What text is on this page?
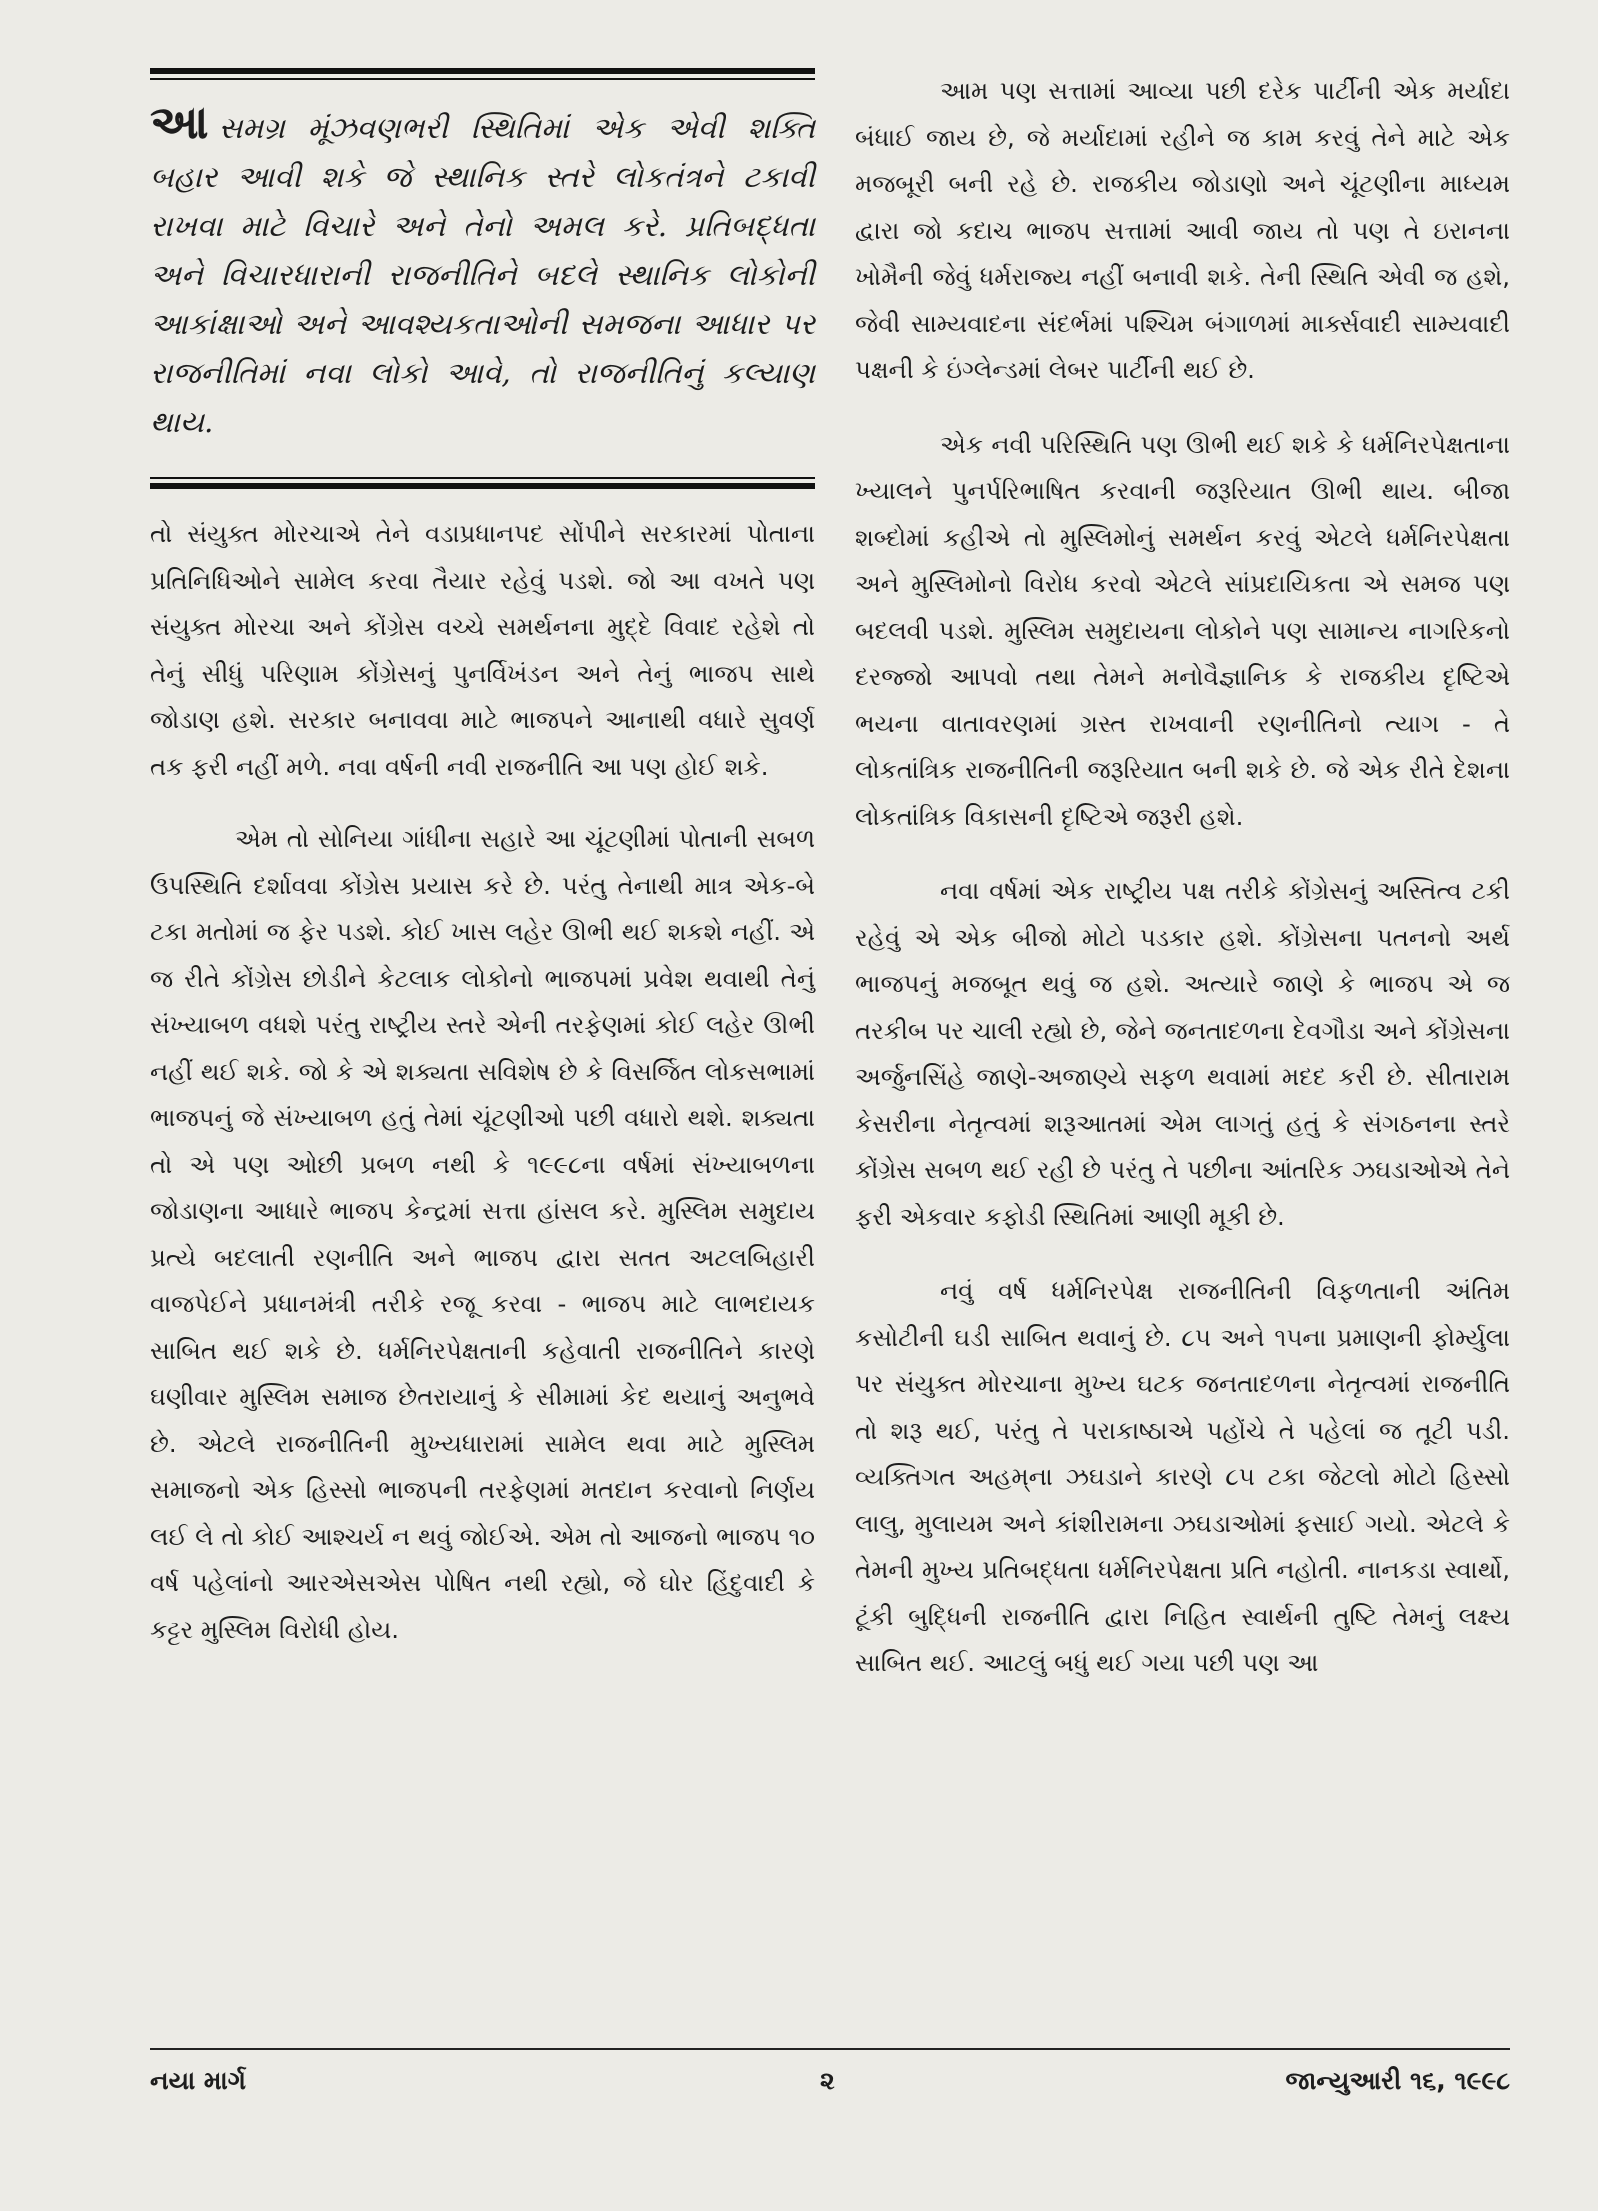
આસમગ્ર મૂંઝવણભરી સ્થિતિમાં એક એવી શક્તિ બહાર આવી શકે જે સ્થાનિક સ્તરે લોકતંત્રને ટકાવી રાખવા માટે વિચારે અને તેનો અમલ કરે. પ્રતિબદ્ધતા અને વિચારધારાની રાજનીતિને બદલે સ્થાનિક લોકોની આકાંક્ષાઓ અને આવશ્યકતાઓની સમજના આધાર પર રાજનીતિમાં નવા લોકો આવે, તો રાજનીતિનું કલ્યાણ થાય.

તો સંયુક્ત મોરચાએ તેને વડાપ્રધાનપદ સોંપીને સરકારમાં પોતાના પ્રતિનિધિઓને સામેલ કરવા તૈયાર રહેવું પડશે. જો આ વખતે પણ સંયુક્ત મોરચા અને કોંગ્રેસ વચ્ચે સમર્થનના મુદ્દે વિવાદ રહેશે તો તેનું સીધું પરિણામ કોંગ્રેસનું પુનર્વિખંડન અને તેનું ભાજપ સાથે જોડાણ હશે. સરકાર બનાવવા માટે ભાજપને આનાથી વધારે સુવર્ણ તક ફરી નહીં મળે. નવા વર્ષની નવી રાજનીતિ આ પણ હોઈ શકે.

એમ તો સોનિયા ગાંધીના સહારે આ ચૂંટણીમાં પોતાની સબળ ઉપસ્થિતિ દર્શાવવા કોંગ્રેસ પ્રયાસ કરે છે. પરંતુ તેનાથી માત્ર એક-બે ટકા મતોમાં જ ફેર પડશે. કોઈ ખાસ લહેર ઊભી થઈ શકશે નહીં. એ જ રીતે કોંગ્રેસ છોડીને કેટલાક લોકોનો ભાજપમાં પ્રવેશ થવાથી તેનું સંખ્યાબળ વધશે પરંતુ રાષ્ટ્રીય સ્તરે એની તરફેણમાં કોઈ લહેર ઊભી નહીં થઈ શકે. જો કે એ શક્યતા સવિશેષ છે કે વિસર્જિત લોકસભામાં ભાજપનું જે સંખ્યાબળ હતું તેમાં ચૂંટણીઓ પછી વધારો થશે. શક્યતા તો એ પણ ઓછી પ્રબળ નથી કે ૧૯૯૮ના વર્ષમાં સંખ્યાબળના જોડાણના આધારે ભાજપ કેન્દ્રમાં સત્તા હાંસલ કરે. મુસ્લિમ સમુદાય પ્રત્યે બદલાતી રણનીતિ અને ભાજપ દ્વારા સતત અટલબિહારી વાજપેઈને પ્રધાનમંત્રી તરીકે રજૂ કરવા - ભાજપ માટે લાભદાયક સાબિત થઈ શકે છે. ધર્મનિરપેક્ષતાની કહેવાતી રાજનીતિને કારણે ઘણીવાર મુસ્લિમ સમાજ છેતરાયાનું કે સીમામાં કેદ થયાનું અનુભવે છે. એટલે રાજનીતિની મુખ્યધારામાં સામેલ થવા માટે મુસ્લિમ સમાજનો એક હિસ્સો ભાજપની તરફેણમાં મતદાન કરવાનો નિર્ણય લઈ લે તો કોઈ આશ્ચર્ય ન થવું જોઈએ. એમ તો આજનો ભાજપ ૧૦ વર્ષ પહેલાંનો આરએસએસ પોષિત નથી રહ્યો, જે ઘોર હિંદુવાદી કે કટ્ટર મુસ્લિમ વિરોધી હોય.

આમ પણ સત્તામાં આવ્યા પછી દરેક પાર્ટીની એક મર્યાદા બંધાઈ જાય છે, જે મર્યાદામાં રહીને જ કામ કરવું તેને માટે એક મજબૂરી બની રહે છે. રાજકીય જોડાણો અને ચૂંટણીના માધ્યમ દ્વારા જો કદાચ ભાજપ સત્તામાં આવી જાય તો પણ તે ઇરાનના ખોમૈની જેવું ધર્મરાજ્ય નહીં બનાવી શકે. તેની સ્થિતિ એવી જ હશે, જેવી સામ્યવાદના સંદર્ભમાં પશ્ચિમ બંગાળમાં માર્ક્સવાદી સામ્યવાદી પક્ષની કે ઇંગ્લેન્ડમાં લેબર પાર્ટીની થઈ છે.

એક નવી પરિસ્થિતિ પણ ઊભી થઈ શકે કે ધર્મનિરપેક્ષતાના ખ્યાલને પુનર્પરિભાષિત કરવાની જરૂરિયાત ઊભી થાય. બીજા શબ્દોમાં કહીએ તો મુસ્લિમોનું સમર્થન કરવું એટલે ધર્મનિરપેક્ષતા અને મુસ્લિમોનો વિરોધ કરવો એટલે સાંપ્રદાયિકતા એ સમજ પણ બદલવી પડશે. મુસ્લિમ સમુદાયના લોકોને પણ સામાન્ય નાગરિકનો દરજ્જો આપવો તથા તેમને મનોવૈજ્ઞાનિક કે રાજકીય દૃષ્ટિએ ભયના વાતાવરણમાં ગ્રસ્ત રાખવાની રણનીતિનો ત્યાગ - તે લોકતાંત્રિક રાજનીતિની જરૂરિયાત બની શકે છે. જે એક રીતે દેશના લોકતાંત્રિક વિકાસની દૃષ્ટિએ જરૂરી હશે.

નવા વર્ષમાં એક રાષ્ટ્રીય પક્ષ તરીકે કોંગ્રેસનું અસ્તિત્વ ટકી રહેવું એ એક બીજો મોટો પડકાર હશે. કોંગ્રેસના પતનનો અર્થ ભાજપનું મજબૂત થવું જ હશે. અત્યારે જાણે કે ભાજપ એ જ તરકીબ પર ચાલી રહ્યો છે, જેને જનતાદળના દેવગૌડા અને કોંગ્રેસના અર્જુનસિંહે જાણે-અજાણ્યે સફળ થવામાં મદદ કરી છે. સીતારામ કેસરીના નેતૃત્વમાં શરૂઆતમાં એમ લાગતું હતું કે સંગઠનના સ્તરે કોંગ્રેસ સબળ થઈ રહી છે પરંતુ તે પછીના આંતરિક ઝઘડાઓએ તેને ફરી એકવાર કફોડી સ્થિતિમાં આણી મૂકી છે.

નવું વર્ષ ધર્મનિરપેક્ષ રાજનીતિની વિફળતાની અંતિમ કસોટીની ઘડી સાબિત થવાનું છે. ૮૫ અને ૧૫ના પ્રમાણની ફોર્મ્યુલા પર સંયુક્ત મોરચાના મુખ્ય ઘટક જનતાદળના નેતૃત્વમાં રાજનીતિ તો શરૂ થઈ, પરંતુ તે પરાકાષ્ઠાએ પહોંચે તે પહેલાં જ તૂટી પડી. વ્યક્તિગત અહમ્‌ના ઝઘડાને કારણે ૮૫ ટકા જેટલો મોટો હિસ્સો લાલુ, મુલાયમ અને કાંશીરામના ઝઘડાઓમાં ફસાઈ ગયો. એટલે કે તેમની મુખ્ય પ્રતિબદ્ધતા ધર્મનિરપેક્ષતા પ્રતિ નહોતી. નાનકડા સ્વાર્થો, ટૂંકી બુદ્ધિની રાજનીતિ દ્વારા નિહિત સ્વાર્થની તુષ્ટિ તેમનું લક્ષ્ય સાબિત થઈ. આટલું બધું થઈ ગયા પછી પણ આ

નયા માર્ગ	૨	જાન્યુઆરી ૧૬, ૧૯૯૮
